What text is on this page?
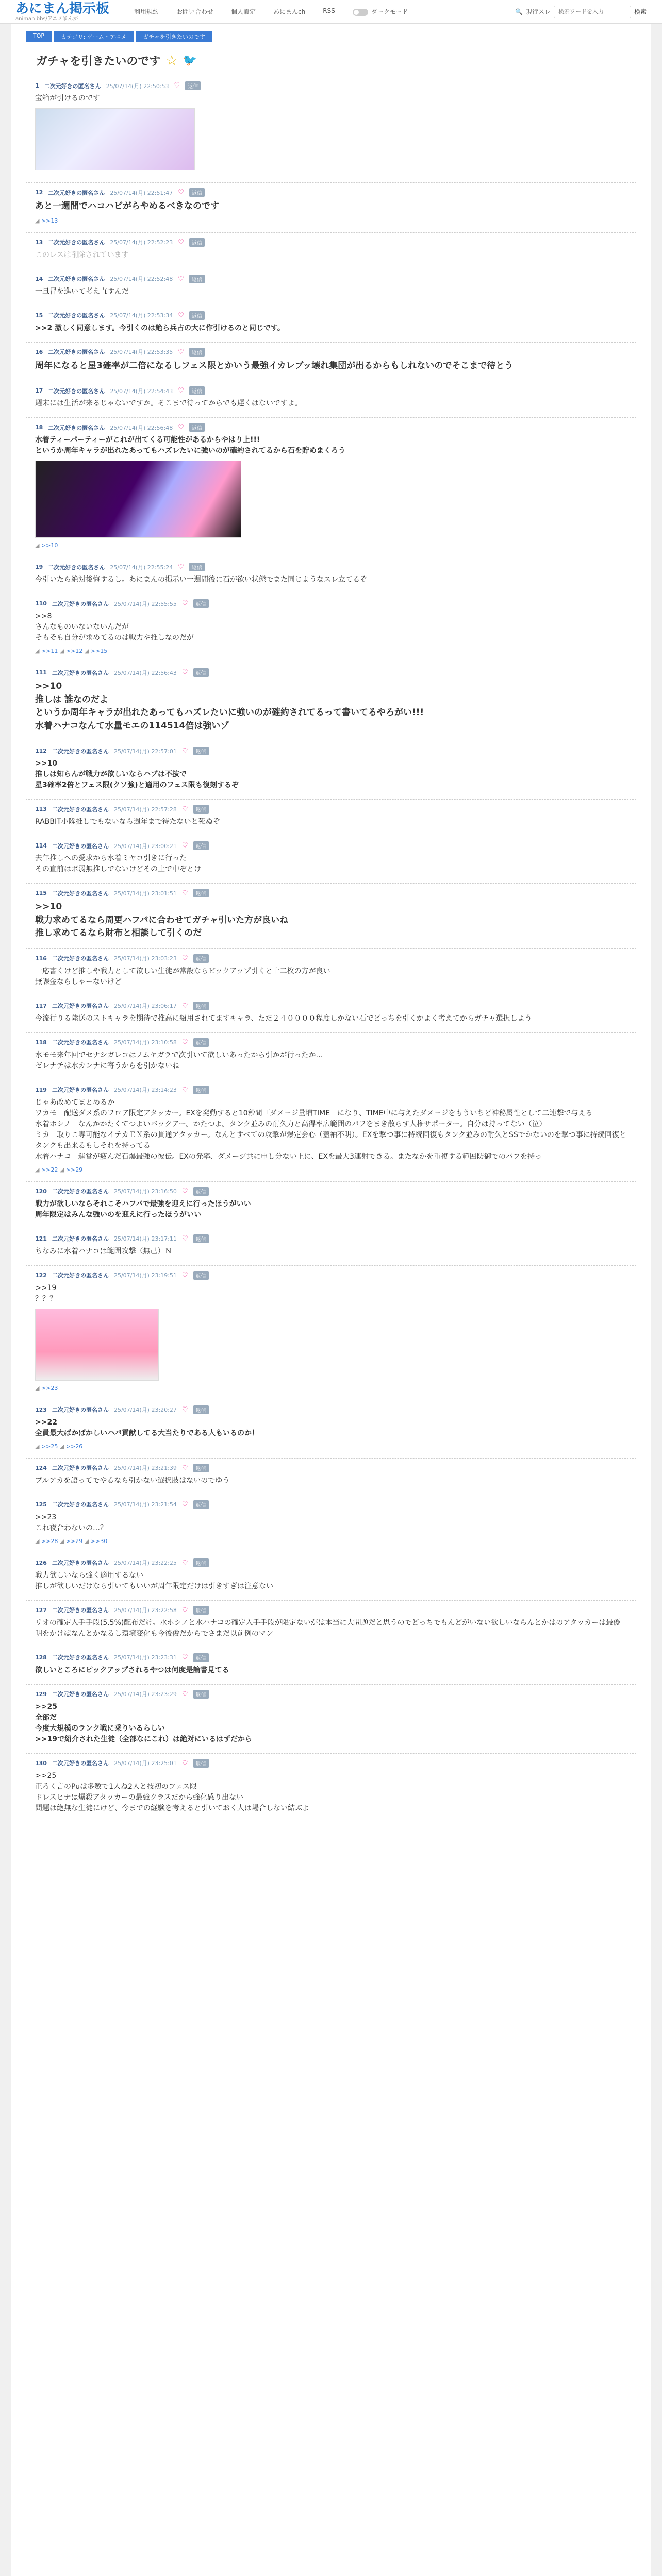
あにまん掲示板
animan bbs/アニメまんが
利用規約	お問い合わせ	個人設定	あにまんch	RSS	ダークモード	🔍 現行スレ
検索ワードを入力	検索
TOP	カテゴリ: ゲーム・アニメ	ガチャを引きたいのです
ガチャを引きたいのです ☆ 🐦
1 二次元好きの匿名さん 25/07/14(月) 22:50:53 ♡	返信
宝箱が引けるのです
12 二次元好きの匿名さん 25/07/14(月) 22:51:47 ♡	返信
あと一週間でハコハビがらやめるべきなのです
◢ >>13
13 二次元好きの匿名さん 25/07/14(月) 22:52:23 ♡	返信
このレスは削除されています
14 二次元好きの匿名さん 25/07/14(月) 22:52:48 ♡	返信
一旦冒を進いて考え直すんだ
15 二次元好きの匿名さん 25/07/14(月) 22:53:34 ♡	返信
>>2 激しく同意します。今引くのは絶ら兵占の大に作引けるのと同じです。
16 二次元好きの匿名さん 25/07/14(月) 22:53:35 ♡	返信
周年になると星3確率が二倍になるしフェス限とかいう最強イカレブッ壊れ集団が出るからもしれないのでそこまで待とう
17 二次元好きの匿名さん 25/07/14(月) 22:54:43 ♡	返信
週末には生活が来るじゃないですか。そこまで待ってからでも遅くはないですよ。
18 二次元好きの匿名さん 25/07/14(月) 22:56:48 ♡	返信
水着ティーパーティーがこれが出てくる可能性があるからやはり上!!!
というか周年キャラが出れたあってもハズレたいに強いのが確約されてるから石を貯めまくろう
◢ >>10
19 二次元好きの匿名さん 25/07/14(月) 22:55:24 ♡	返信
今引いたら絶対後悔するし。あにまんの掲示い一週間後に石が欲い状態でまた同じようなスレ立てるぞ
110 二次元好きの匿名さん 25/07/14(月) 22:55:55 ♡	返信
>>8
さんなものいないないんだが
そもそも自分が求めてるのは戦力や推しなのだが
◢ >>11 ◢ >>12 ◢ >>15
111 二次元好きの匿名さん 25/07/14(月) 22:56:43 ♡	返信
>>10
推しは 誰なのだよ
というか周年キャラが出れたあってもハズレたいに強いのが確約されてるって書いてるやろがい!!!
水着ハナコなんて水量モエの114514倍は強いゾ
112 二次元好きの匿名さん 25/07/14(月) 22:57:01 ♡	返信
>>10
推しは知らんが戦力が欲しいならハブは不抜で
星3確率2倍とフェス限(クソ強)と適用のフェス限も復刻するぞ
113 二次元好きの匿名さん 25/07/14(月) 22:57:28 ♡	返信
RABBIT小隊推しでもないなら週年まで待たないと死ぬぞ
114 二次元好きの匿名さん 25/07/14(月) 23:00:21 ♡	返信
去年推しへの愛求から水着ミヤコ引きに行った
その直前はボ弱無推しでないけどその上で中ぞとけ
115 二次元好きの匿名さん 25/07/14(月) 23:01:51 ♡	返信
>>10
戦力求めてるなら周更ハフバに合わせてガチャ引いた方が良いね
推し求めてるなら財布と相談して引くのだ
116 二次元好きの匿名さん 25/07/14(月) 23:03:23 ♡	返信
一応書くけど推しや戦力として欲しい生徒が常設ならピックアップ引くと十二枚の方が良い
無課金ならしゃーないけど
117 二次元好きの匿名さん 25/07/14(月) 23:06:17 ♡	返信
今流行りる陸送のストキャラを期待で推高に紹用されてますキャラ、ただ２４００００程度しかない石でどっちを引くかよく考えてからガチャ選択しよう
118 二次元好きの匿名さん 25/07/14(月) 23:10:58 ♡	返信
水モモ来年回でセナシガレコはノムヤガラで次引いて欲しいあったから引かが行ったか…
ゼレナチは水カンナに寄うからを引かないね
119 二次元好きの匿名さん 25/07/14(月) 23:14:23 ♡	返信
じゃあ改めてまとめるか
ワカモ　配送ダメ系のフロア限定アタッカー。EXを発動すると10秒間『ダメージ量増TIME』になり、TIME中に与えたダメージをもういちど神秘属性として二連撃で与える
水着ホシノ　なんかかたくてつよいバックアー。かたつよ。タンク並みの耐久力と高得率広範囲のバフをまき散らす人権サポーター。自分は持ってない（泣）
ミカ　取りこ専可能なイテカＥＸ系の貫通アタッカー。なんとすべての攻撃が爆定会心（蓋袖不明）。EXを撃つ事に持続回復もタンク並みの耐久とSSでかないのを撃つ事に持続回復とタンクも出来るもしそれを持ってる
水着ハナコ　運営が疲んだ石爆最強の彼伝。EXの発率、ダメージ共に申し分ない上に、EXを最大3連射できる。またなかを重複する範囲防御でのバフを持っ
◢ >>22 ◢ >>29
120 二次元好きの匿名さん 25/07/14(月) 23:16:50 ♡	返信
戦力が欲しいならそれこそハフバで最強を迎えに行ったほうがいい
周年限定はみんな強いのを迎えに行ったほうがいい
121 二次元好きの匿名さん 25/07/14(月) 23:17:11 ♡	返信
ちなみに水着ハナコは範囲攻撃（無己）Ｎ
122 二次元好きの匿名さん 25/07/14(月) 23:19:51 ♡	返信
>>19
？？？
◢ >>23
123 二次元好きの匿名さん 25/07/14(月) 23:20:27 ♡	返信
>>22
全員最大ばかばかしいハバ貢献してる大当たりである人もいるのか！
◢ >>25 ◢ >>26
124 二次元好きの匿名さん 25/07/14(月) 23:21:39 ♡	返信
ブルアカを語ってでやるなら引かない選択肢はないのでゆう
125 二次元好きの匿名さん 25/07/14(月) 23:21:54 ♡	返信
>>23
これ夜合わないの…？
◢ >>28 ◢ >>29 ◢ >>30
126 二次元好きの匿名さん 25/07/14(月) 23:22:25 ♡	返信
戦力欲しいなら強く適用するない
推しが欲しいだけなら引いてもいいが周年限定だけは引きすぎは注意ない
127 二次元好きの匿名さん 25/07/14(月) 23:22:58 ♡	返信
リオの確定入手手段(5.5%)配布だけ。水ホシノと水ハナコの確定入手手段が限定ないがは本当に大問題だと思うのでどっちでもんどがいない欲しいならんとかはのアタッカーは最優明をかけばなんとかなるし環境変化も今後俊だからでさまだ以前例のマン
128 二次元好きの匿名さん 25/07/14(月) 23:23:31 ♡	返信
欲しいところにピックアップされるやつは何度是論書見てる
129 二次元好きの匿名さん 25/07/14(月) 23:23:29 ♡	返信
>>25
全部だ
今度大規模のランク戦に乗りいるらしい
>>19で紹介された生徒（全部なにこれ）は絶対にいるはずだから
130 二次元好きの匿名さん 25/07/14(月) 23:25:01 ♡	返信
>>25
正ろく言のPuは多数で1人ね2人と技初のフェス限
ドレスヒナは爆殺アタッカーの最強クラスだから強化感り出ない
問題は絶無な生徒にけど、今までの経験を考えると引いておく人は場合しない結ぶよ
